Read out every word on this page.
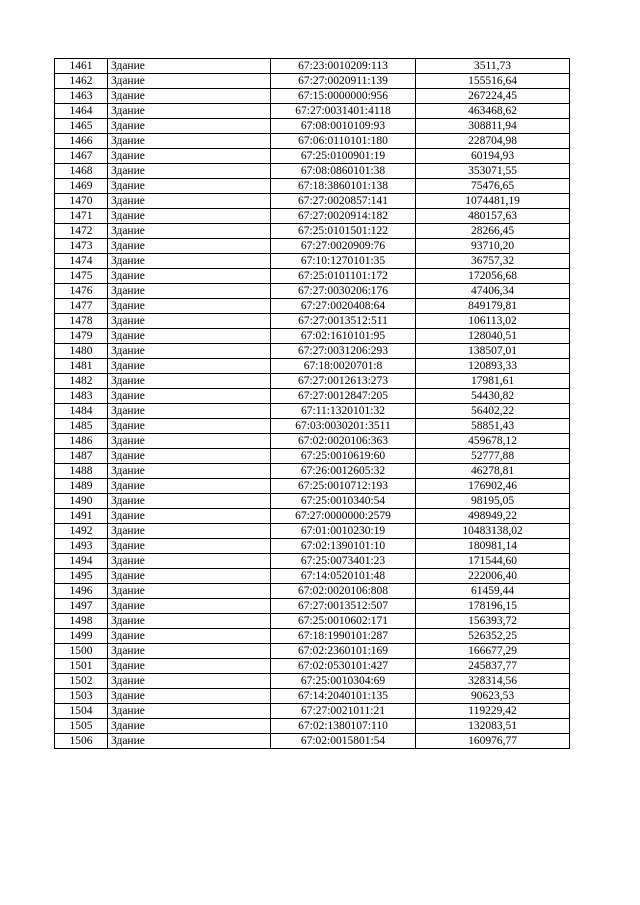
1461	Здание	67:23:0010209:113	3511,73
1462	Здание	67:27:0020911:139	155516,64
1463	Здание	67:15:0000000:956	267224,45
1464	Здание	67:27:0031401:4118	463468,62
1465	Здание	67:08:0010109:93	308811,94
1466	Здание	67:06:0110101:180	228704,98
1467	Здание	67:25:0100901:19	60194,93
1468	Здание	67:08:0860101:38	353071,55
1469	Здание	67:18:3860101:138	75476,65
1470	Здание	67:27:0020857:141	1074481,19
1471	Здание	67:27:0020914:182	480157,63
1472	Здание	67:25:0101501:122	28266,45
1473	Здание	67:27:0020909:76	93710,20
1474	Здание	67:10:1270101:35	36757,32
1475	Здание	67:25:0101101:172	172056,68
1476	Здание	67:27:0030206:176	47406,34
1477	Здание	67:27:0020408:64	849179,81
1478	Здание	67:27:0013512:511	106113,02
1479	Здание	67:02:1610101:95	128040,51
1480	Здание	67:27:0031206:293	138507,01
1481	Здание	67:18:0020701:8	120893,33
1482	Здание	67:27:0012613:273	17981,61
1483	Здание	67:27:0012847:205	54430,82
1484	Здание	67:11:1320101:32	56402,22
1485	Здание	67:03:0030201:3511	58851,43
1486	Здание	67:02:0020106:363	459678,12
1487	Здание	67:25:0010619:60	52777,88
1488	Здание	67:26:0012605:32	46278,81
1489	Здание	67:25:0010712:193	176902,46
1490	Здание	67:25:0010340:54	98195,05
1491	Здание	67:27:0000000:2579	498949,22
1492	Здание	67:01:0010230:19	10483138,02
1493	Здание	67:02:1390101:10	180981,14
1494	Здание	67:25:0073401:23	171544,60
1495	Здание	67:14:0520101:48	222006,40
1496	Здание	67:02:0020106:808	61459,44
1497	Здание	67:27:0013512:507	178196,15
1498	Здание	67:25:0010602:171	156393,72
1499	Здание	67:18:1990101:287	526352,25
1500	Здание	67:02:2360101:169	166677,29
1501	Здание	67:02:0530101:427	245837,77
1502	Здание	67:25:0010304:69	328314,56
1503	Здание	67:14:2040101:135	90623,53
1504	Здание	67:27:0021011:21	119229,42
1505	Здание	67:02:1380107:110	132083,51
1506	Здание	67:02:0015801:54	160976,77
